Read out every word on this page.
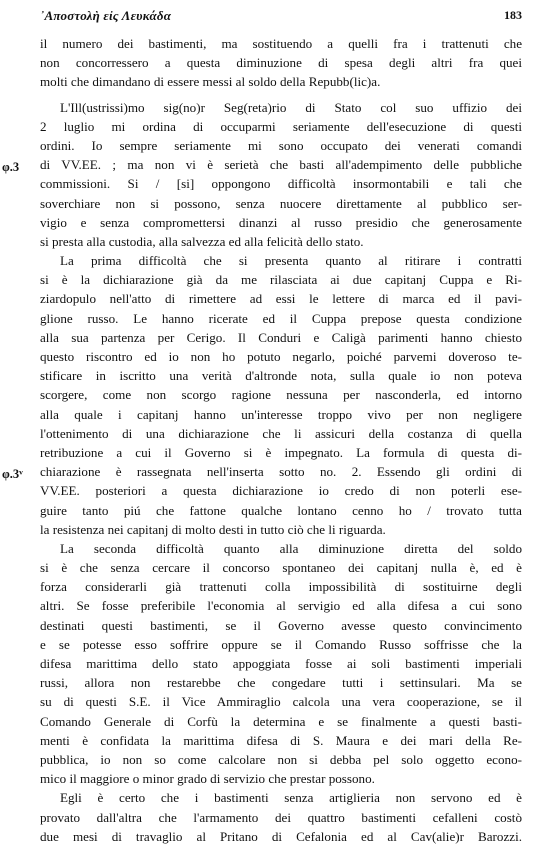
᾿Αποστολὴ εἰς Λευκάδα	183
φ.3
φ.3ᵛ
il numero dei bastimenti, ma sostituendo a quelli fra i trattenuti che
non concorressero a questa diminuzione di spesa degli altri fra quei
molti che dimandano di essere messi al soldo della Repubb(lic)a.
L'Ill(ustrissi)mo sig(no)r Seg(reta)rio di Stato col suo uffizio dei
2 luglio mi ordina di occuparmi seriamente dell'esecuzione di questi
ordini. Io sempre seriamente mi sono occupato dei venerati comandi
di VV.EE. ; ma non vi è serietà che basti all'adempimento delle pubbliche
commissioni. Si / [si] oppongono difficoltà insormontabili e tali che
soverchiare non si possono, senza nuocere direttamente al pubblico ser-
vigio e senza compromettersi dinanzi al russo presidio che generosamente
si presta alla custodia, alla salvezza ed alla felicità dello stato.
La prima difficoltà che si presenta quanto al ritirare i contratti
si è la dichiarazione già da me rilasciata ai due capitanj Cuppa e Ri-
ziardopulo nell'atto di rimettere ad essi le lettere di marca ed il pavi-
glione russo. Le hanno ricerate ed il Cuppa prepose questa condizione
alla sua partenza per Cerigo. Il Conduri e Caligà parimenti hanno chiesto
questo riscontro ed io non ho potuto negarlo, poiché parvemi doveroso te-
stificare in iscritto una verità d'altronde nota, sulla quale io non poteva
scorgere, come non scorgo ragione nessuna per nasconderla, ed intorno
alla quale i capitanj hanno un'interesse troppo vivo per non negligere
l'ottenimento di una dichiarazione che li assicuri della costanza di quella
retribuzione a cui il Governo si è impegnato. La formula di questa di-
chiarazione è rassegnata nell'inserta sotto no. 2. Essendo gli ordini di
VV.EE. posteriori a questa dichiarazione io credo di non poterli ese-
guire tanto piú che fattone qualche lontano cenno ho / trovato tutta
la resistenza nei capitanj di molto desti in tutto ciò che li riguarda.
La seconda difficoltà quanto alla diminuzione diretta del soldo
si è che senza cercare il concorso spontaneo dei capitanj nulla è, ed è
forza considerarli già trattenuti colla impossibilità di sostituirne degli
altri. Se fosse preferibile l'economia al servigio ed alla difesa a cui sono
destinati questi bastimenti, se il Governo avesse questo convincimento
e se potesse esso soffrire oppure se il Comando Russo soffrisse che la
difesa marittima dello stato appoggiata fosse ai soli bastimenti imperiali
russi, allora non restarebbe che congedare tutti i settinsulari. Ma se
su di questi S.E. il Vice Ammiraglio calcola una vera cooperazione, se il
Comando Generale di Corfù la determina e se finalmente a questi basti-
menti è confidata la marittima difesa di S. Maura e dei mari della Re-
pubblica, io non so come calcolare non si debba pel solo oggetto econo-
mico il maggiore o minor grado di servizio che prestar possono.
Egli è certo che i bastimenti senza artiglieria non servono ed è
provato dall'altra che l'armamento dei quattro bastimenti cefalleni costò
due mesi di travaglio al Pritano di Cefalonia ed al Cav(alie)r Barozzi.
